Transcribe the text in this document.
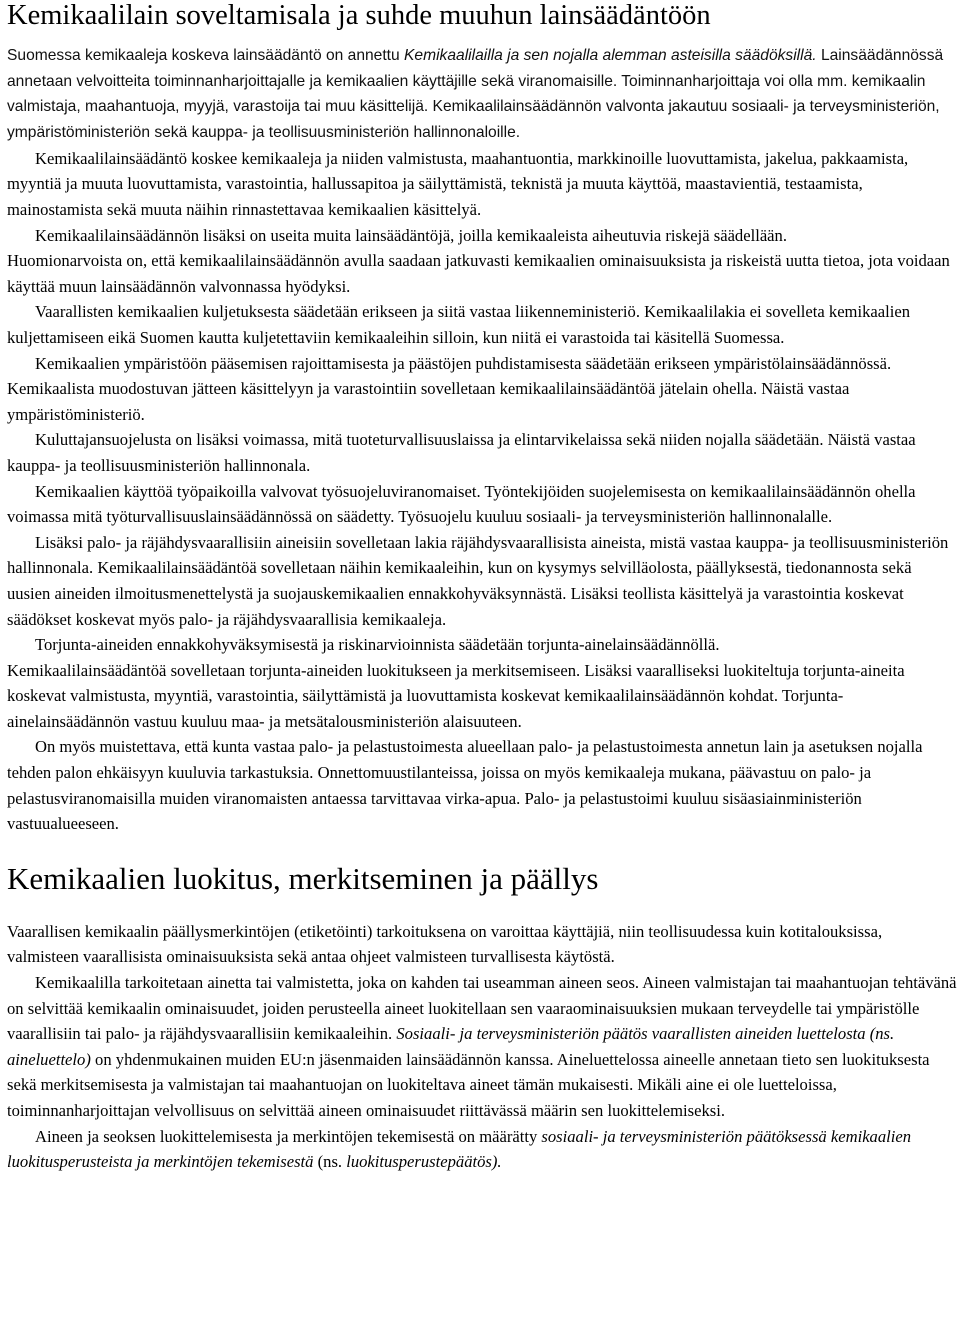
Kemikaalilain soveltamisala ja suhde muuhun lainsäädäntöön

Suomessa kemikaaleja koskeva lainsäädäntö on annettu Kemikaalilailla ja sen nojalla alemman asteisilla säädöksillä. Lainsäädännössä annetaan velvoitteita toiminnanharjoittajalle ja kemikaalien käyttäjille sekä viranomaisille. Toiminnanharjoittaja voi olla mm. kemikaalin valmistaja, maahantuoja, myyjä, varastoija tai muu käsittelijä. Kemikaalilainsäädännön valvonta jakautuu sosiaali- ja terveysministeriön, ympäristöministeriön sekä kauppa- ja teollisuusministeriön hallinnonaloille.

Kemikaalilainsäädäntö koskee kemikaaleja ja niiden valmistusta, maahantuontia, markkinoille luovuttamista, jakelua, pakkaamista, myyntiä ja muuta luovuttamista, varastointia, hallussapitoa ja säilyttämistä, teknistä ja muuta käyttöä, maastavientiä, testaamista, mainostamista sekä muuta näihin rinnastettavaa kemikaalien käsittelyä.

Kemikaalilainsäädännön lisäksi on useita muita lainsäädäntöjä, joilla kemikaaleista aiheutuvia riskejä säädellään.

Huomionarvoista on, että kemikaalilainsäädännön avulla saadaan jatkuvasti kemikaalien ominaisuuksista ja riskeistä uutta tietoa, jota voidaan käyttää muun lainsäädännön valvonnassa hyödyksi.

Vaarallisten kemikaalien kuljetuksesta säädetään erikseen ja siitä vastaa liikenneministeriö. Kemikaalilakia ei sovelleta kemikaalien kuljettamiseen eikä Suomen kautta kuljetettaviin kemikaaleihin silloin, kun niitä ei varastoida tai käsitellä Suomessa.

Kemikaalien ympäristöön pääsemisen rajoittamisesta ja päästöjen puhdistamisesta säädetään erikseen ympäristölainsäädännössä. Kemikaalista muodostuvan jätteen käsittelyyn ja varastointiin sovelletaan kemikaalilainsäädäntöä jätelain ohella. Näistä vastaa ympäristöministeriö.

Kuluttajansuojelusta on lisäksi voimassa, mitä tuoteturvallisuuslaissa ja elintarvikelaissa sekä niiden nojalla säädetään. Näistä vastaa kauppa- ja teollisuusministeriön hallinnonala.

Kemikaalien käyttöä työpaikoilla valvovat työsuojeluviranomaiset. Työntekijöiden suojelemisesta on kemikaalilainsäädännön ohella voimassa mitä työturvallisuuslainsäädännössä on säädetty. Työsuojelu kuuluu sosiaali- ja terveysministeriön hallinnonalalle.

Lisäksi palo- ja räjähdysvaarallisiin aineisiin sovelletaan lakia räjähdysvaarallisista aineista, mistä vastaa kauppa- ja teollisuusministeriön hallinnonala. Kemikaalilainsäädäntöä sovelletaan näihin kemikaaleihin, kun on kysymys selvilläolosta, päällyksestä, tiedonannosta sekä uusien aineiden ilmoitusmenettelystä ja suojauskemikaalien ennakkohyväksynnästä. Lisäksi teollista käsittelyä ja varastointia koskevat säädökset koskevat myös palo- ja räjähdysvaarallisia kemikaaleja.

Torjunta-aineiden ennakkohyväksymisestä ja riskinarvioinnista säädetään torjunta-ainelainsäädännöllä.

Kemikaalilainsäädäntöä sovelletaan torjunta-aineiden luokitukseen ja merkitsemiseen. Lisäksi vaaralliseksi luokiteltuja torjunta-aineita koskevat valmistusta, myyntiä, varastointia, säilyttämistä ja luovuttamista koskevat kemikaalilainsäädännön kohdat. Torjunta-ainelainsäädännön vastuu kuuluu maa- ja metsätalousministeriön alaisuuteen.

On myös muistettava, että kunta vastaa palo- ja pelastustoimesta alueellaan palo- ja pelastustoimesta annetun lain ja asetuksen nojalla tehden palon ehkäisyyn kuuluvia tarkastuksia. Onnettomuustilanteissa, joissa on myös kemikaaleja mukana, päävastuu on palo- ja pelastusviranomaisilla muiden viranomaisten antaessa tarvittavaa virka-apua. Palo- ja pelastustoimi kuuluu sisäasiainministeriön vastuualueeseen.

Kemikaalien luokitus, merkitseminen ja päällys

Vaarallisen kemikaalin päällysmerkintöjen (etiketöinti) tarkoituksena on varoittaa käyttäjiä, niin teollisuudessa kuin kotitalouksissa, valmisteen vaarallisista ominaisuuksista sekä antaa ohjeet valmisteen turvallisesta käytöstä.

Kemikaalilla tarkoitetaan ainetta tai valmistetta, joka on kahden tai useamman aineen seos. Aineen valmistajan tai maahantuojan tehtävänä on selvittää kemikaalin ominaisuudet, joiden perusteella aineet luokitellaan sen vaaraominaisuuksien mukaan terveydelle tai ympäristölle vaarallisiin tai palo- ja räjähdysvaarallisiin kemikaaleihin. Sosiaali- ja terveysministeriön päätös vaarallisten aineiden luettelosta (ns. aineluettelo) on yhdenmukainen muiden EU:n jäsenmaiden lainsäädännön kanssa. Aineluettelossa aineelle annetaan tieto sen luokituksesta sekä merkitsemisesta ja valmistajan tai maahantuojan on luokiteltava aineet tämän mukaisesti. Mikäli aine ei ole luetteloissa, toiminnanharjoittajan velvollisuus on selvittää aineen ominaisuudet riittävässä määrin sen luokittelemiseksi.

Aineen ja seoksen luokittelemisesta ja merkintöjen tekemisestä on määrätty sosiaali- ja terveysministeriön päätöksessä kemikaalien luokitusperusteista ja merkintöjen tekemisestä (ns. luokitusperustepäätös).
